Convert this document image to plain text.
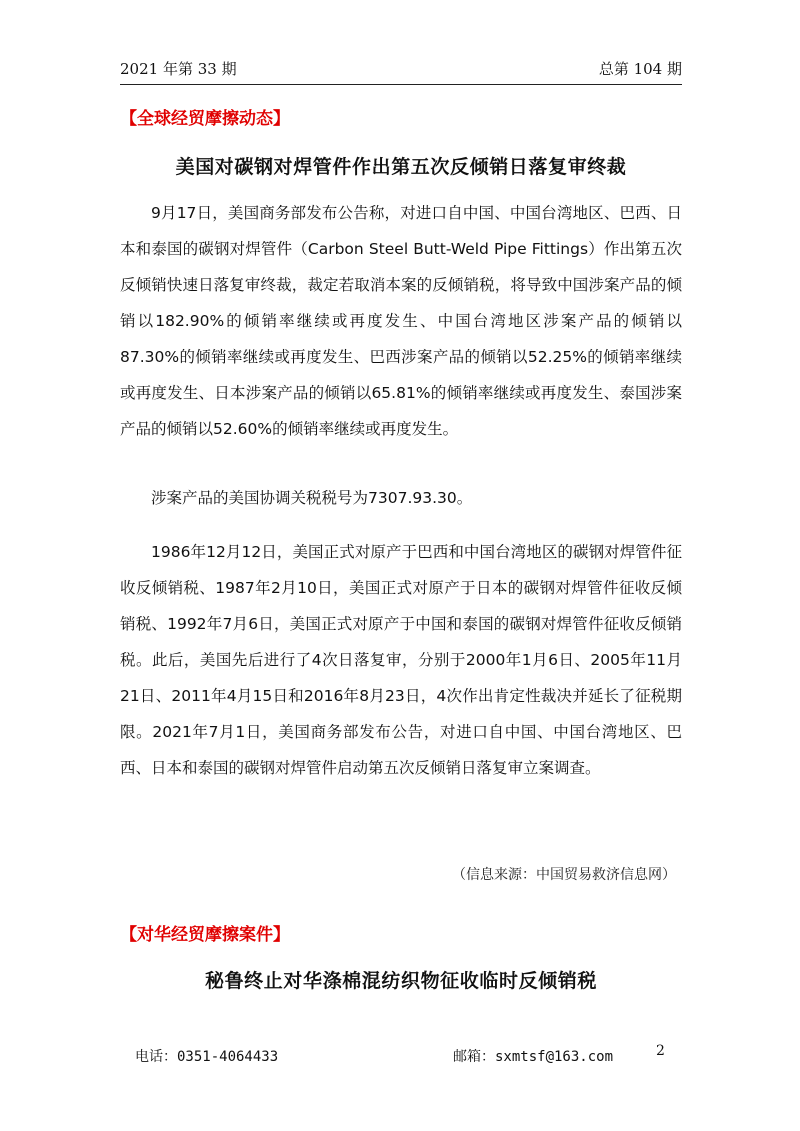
2021 年第 33 期	总第 104 期
【全球经贸摩擦动态】
美国对碳钢对焊管件作出第五次反倾销日落复审终裁

9月17日，美国商务部发布公告称，对进口自中国、中国台湾地区、巴西、日本和泰国的碳钢对焊管件（Carbon Steel Butt-Weld Pipe Fittings）作出第五次反倾销快速日落复审终裁，裁定若取消本案的反倾销税，将导致中国涉案产品的倾销以182.90%的倾销率继续或再度发生、中国台湾地区涉案产品的倾销以87.30%的倾销率继续或再度发生、巴西涉案产品的倾销以52.25%的倾销率继续或再度发生、日本涉案产品的倾销以65.81%的倾销率继续或再度发生、泰国涉案产品的倾销以52.60%的倾销率继续或再度发生。

涉案产品的美国协调关税税号为7307.93.30。

1986年12月12日，美国正式对原产于巴西和中国台湾地区的碳钢对焊管件征收反倾销税、1987年2月10日，美国正式对原产于日本的碳钢对焊管件征收反倾销税、1992年7月6日，美国正式对原产于中国和泰国的碳钢对焊管件征收反倾销税。此后，美国先后进行了4次日落复审，分别于2000年1月6日、2005年11月21日、2011年4月15日和2016年8月23日，4次作出肯定性裁决并延长了征税期限。2021年7月1日，美国商务部发布公告，对进口自中国、中国台湾地区、巴西、日本和泰国的碳钢对焊管件启动第五次反倾销日落复审立案调查。

（信息来源：中国贸易救济信息网）
【对华经贸摩擦案件】
秘鲁终止对华涤棉混纺织物征收临时反倾销税
电话：0351-4064433	邮箱：sxmtsf@163.com	2
